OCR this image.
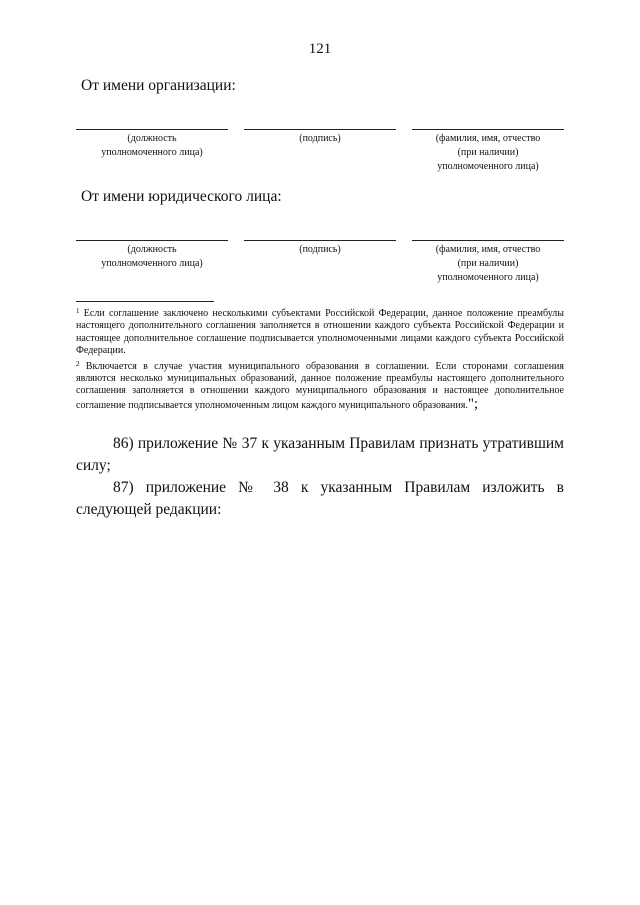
121
От имени организации:
(должность
уполномоченного лица)
(подпись)	(фамилия, имя, отчество
(при наличии)
уполномоченного лица)
От имени юридического лица:
(должность
уполномоченного лица)
(подпись)	(фамилия, имя, отчество
(при наличии)
уполномоченного лица)

$^1$ Если соглашение заключено несколькими субъектами Российской Федерации, данное положение преамбулы настоящего дополнительного соглашения заполняется в отношении каждого субъекта Российской Федерации и настоящее дополнительное соглашение подписывается уполномоченными лицами каждого субъекта Российской Федерации.

$^2$ Включается в случае участия муниципального образования в соглашении. Если сторонами соглашения являются несколько муниципальных образований, данное положение преамбулы настоящего дополнительного соглашения заполняется в отношении каждого муниципального образования и настоящее дополнительное соглашение подписывается уполномоченным лицом каждого муниципального образования.";

86) приложение № 37 к указанным Правилам признать утратившим силу;

87) приложение № 38 к указанным Правилам изложить в следующей редакции:
